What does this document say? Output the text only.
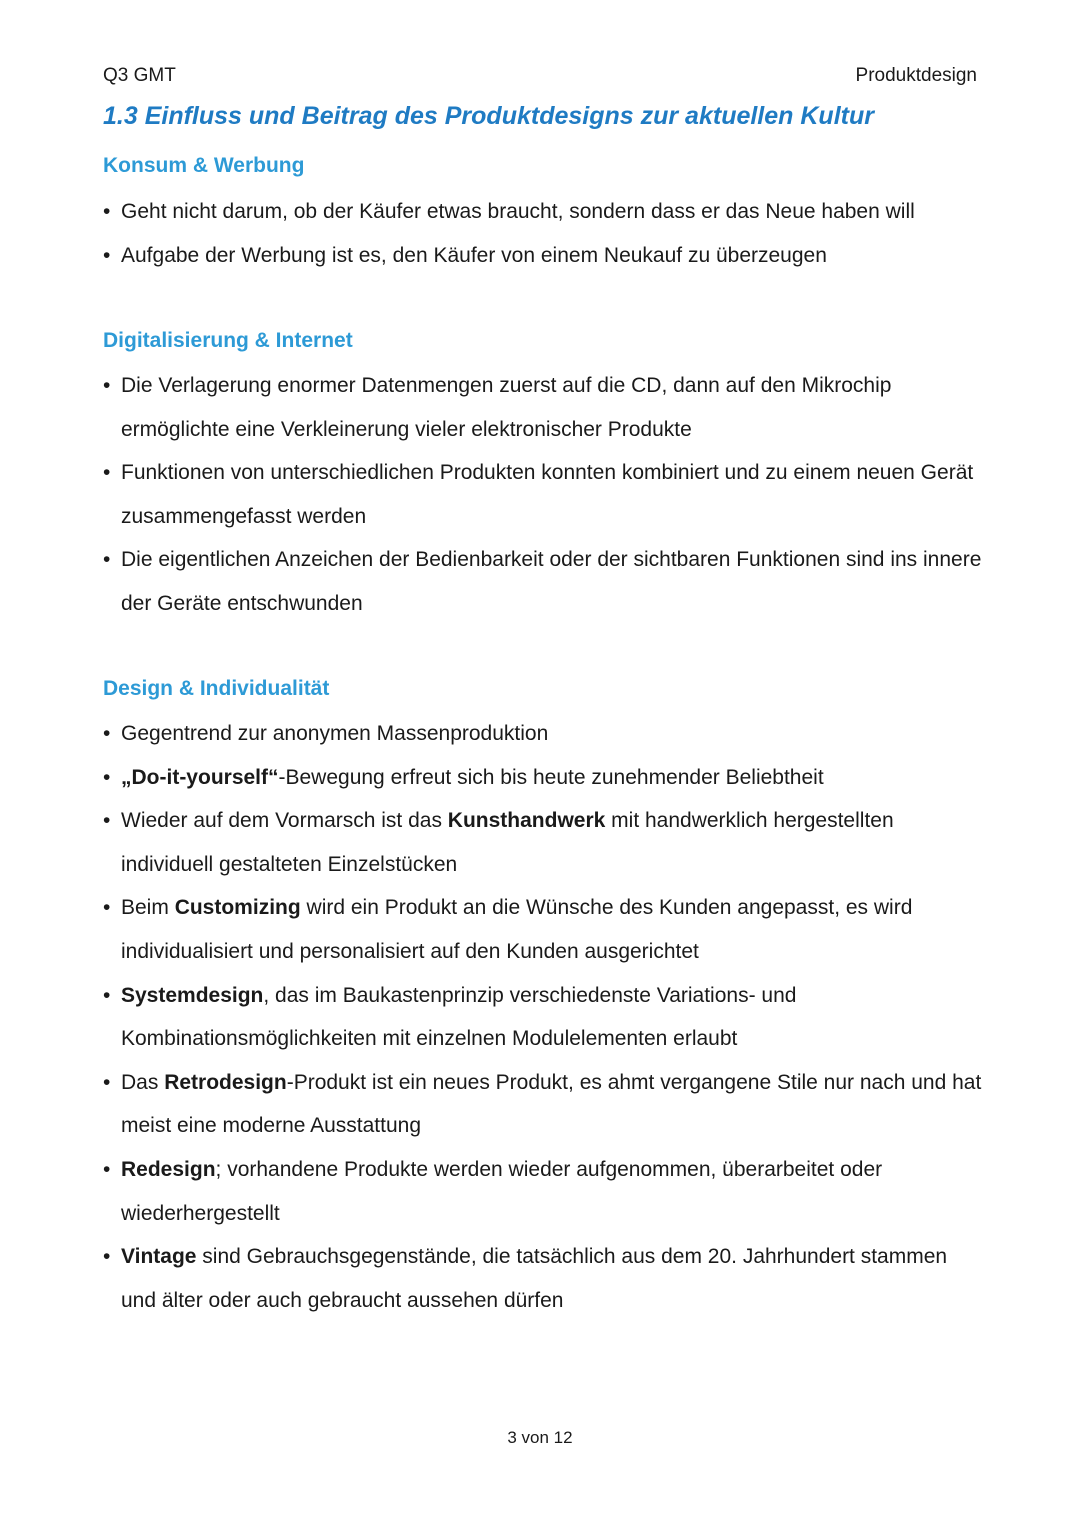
Q3 GMT	Produktdesign
1.3 Einfluss und Beitrag des Produktdesigns zur aktuellen Kultur
Konsum & Werbung
• Geht nicht darum, ob der Käufer etwas braucht, sondern dass er das Neue haben will
• Aufgabe der Werbung ist es, den Käufer von einem Neukauf zu überzeugen
Digitalisierung & Internet
• Die Verlagerung enormer Datenmengen zuerst auf die CD, dann auf den Mikrochip ermöglichte eine Verkleinerung vieler elektronischer Produkte
• Funktionen von unterschiedlichen Produkten konnten kombiniert und zu einem neuen Gerät zusammengefasst werden
• Die eigentlichen Anzeichen der Bedienbarkeit oder der sichtbaren Funktionen sind ins innere der Geräte entschwunden
Design & Individualität
• Gegentrend zur anonymen Massenproduktion
• „Do-it-yourself“-Bewegung erfreut sich bis heute zunehmender Beliebtheit
• Wieder auf dem Vormarsch ist das Kunsthandwerk mit handwerklich hergestellten individuell gestalteten Einzelstücken
• Beim Customizing wird ein Produkt an die Wünsche des Kunden angepasst, es wird individualisiert und personalisiert auf den Kunden ausgerichtet
• Systemdesign, das im Baukastenprinzip verschiedenste Variations- und Kombinationsmöglichkeiten mit einzelnen Modulelementen erlaubt
• Das Retrodesign-Produkt ist ein neues Produkt, es ahmt vergangene Stile nur nach und hat meist eine moderne Ausstattung
• Redesign; vorhandene Produkte werden wieder aufgenommen, überarbeitet oder wiederhergestellt
• Vintage sind Gebrauchsgegenstände, die tatsächlich aus dem 20. Jahrhundert stammen und älter oder auch gebraucht aussehen dürfen
3 von 12
